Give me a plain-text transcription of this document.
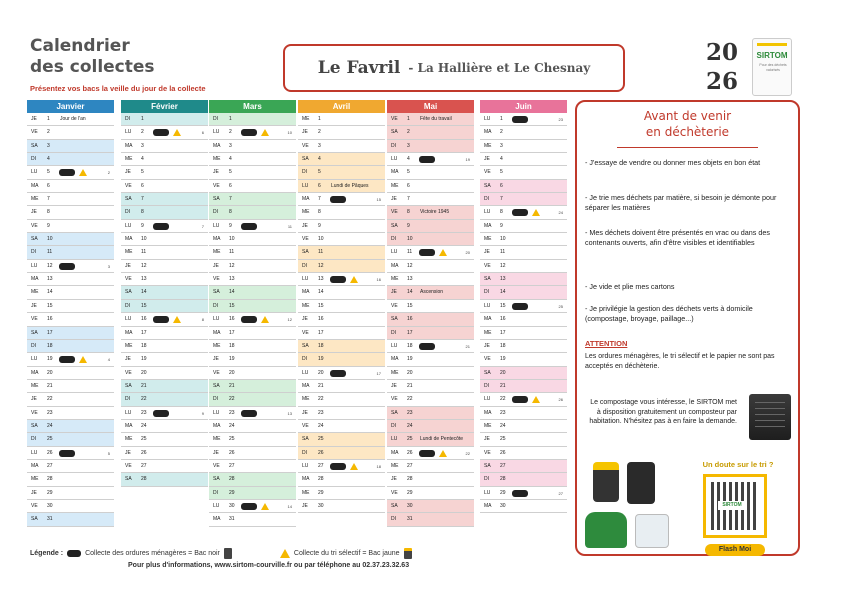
Calendrier
des collectes
Présentez vos bacs la veille du jour de la collecte
Le Favril - La Hallière et Le Chesnay
20
26
SIRTOM
Pour des déchets valorisés
Janvier
JE 1 Jour de l'an
VE 2
SA 3
DI 4
LU 5	2
MA 6
ME 7
JE 8
VE 9
SA 10
DI 11
LU 12	3
MA 13
ME 14
JE 15
VE 16
SA 17
DI 18
LU 19	4
MA 20
ME 21
JE 22
VE 23
SA 24
DI 25
LU 26	5
MA 27
ME 28
JE 29
VE 30
SA 31
Février
DI 1
LU 2	6
MA 3
ME 4
JE 5
VE 6
SA 7
DI 8
LU 9	7
MA 10
ME 11
JE 12
VE 13
SA 14
DI 15
LU 16	8
MA 17
ME 18
JE 19
VE 20
SA 21
DI 22
LU 23	9
MA 24
ME 25
JE 26
VE 27
SA 28
Mars
DI 1
LU 2	10
MA 3
ME 4
JE 5
VE 6
SA 7
DI 8
LU 9	11
MA 10
ME 11
JE 12
VE 13
SA 14
DI 15
LU 16	12
MA 17
ME 18
JE 19
VE 20
SA 21
DI 22
LU 23	13
MA 24
ME 25
JE 26
VE 27
SA 28
DI 29
LU 30	14
MA 31
Avril
ME 1
JE 2
VE 3
SA 4
DI 5
LU 6 Lundi de Pâques
MA 7	15
ME 8
JE 9
VE 10
SA 11
DI 12
LU 13	16
MA 14
ME 15
JE 16
VE 17
SA 18
DI 19
LU 20	17
MA 21
ME 22
JE 23
VE 24
SA 25
DI 26
LU 27	18
MA 28
ME 29
JE 30
Mai
VE 1 Fête du travail
SA 2
DI 3
LU 4	19
MA 5
ME 6
JE 7
VE 8 Victoire 1945
SA 9
DI 10
LU 11	20
MA 12
ME 13
JE 14 Ascension
VE 15
SA 16
DI 17
LU 18	21
MA 19
ME 20
JE 21
VE 22
SA 23
DI 24
LU 25 Lundi de Pentecôte
MA 26	22
ME 27
JE 28
VE 29
SA 30
DI 31
Juin
LU 1	23
MA 2
ME 3
JE 4
VE 5
SA 6
DI 7
LU 8	24
MA 9
ME 10
JE 11
VE 12
SA 13
DI 14
LU 15	25
MA 16
ME 17
JE 18
VE 19
SA 20
DI 21
LU 22	26
MA 23
ME 24
JE 25
VE 26
SA 27
DI 28
LU 29	27
MA 30
Légende :	Collecte des ordures ménagères = Bac noir	Collecte du tri sélectif = Bac jaune
Pour plus d'informations, www.sirtom-courville.fr ou par téléphone au 02.37.23.32.63
Avant de venir
en déchèterie
- J'essaye de vendre ou donner mes objets en bon état
- Je trie mes déchets par matière, si besoin je démonte pour séparer les matières
- Mes déchets doivent être présentés en vrac ou dans des contenants ouverts, afin d'être visibles et identifiables
- Je vide et plie mes cartons
- Je privilégie la gestion des déchets verts à domicile (compostage, broyage, paillage...)
ATTENTION
Les ordures ménagères, le tri sélectif et le papier ne sont pas acceptés en déchèterie.
Le compostage vous intéresse, le SIRTOM met à disposition gratuitement un composteur par habitation. N'hésitez pas à en faire la demande.
Un doute sur le tri ?
SIRTOM
Flash Moi
